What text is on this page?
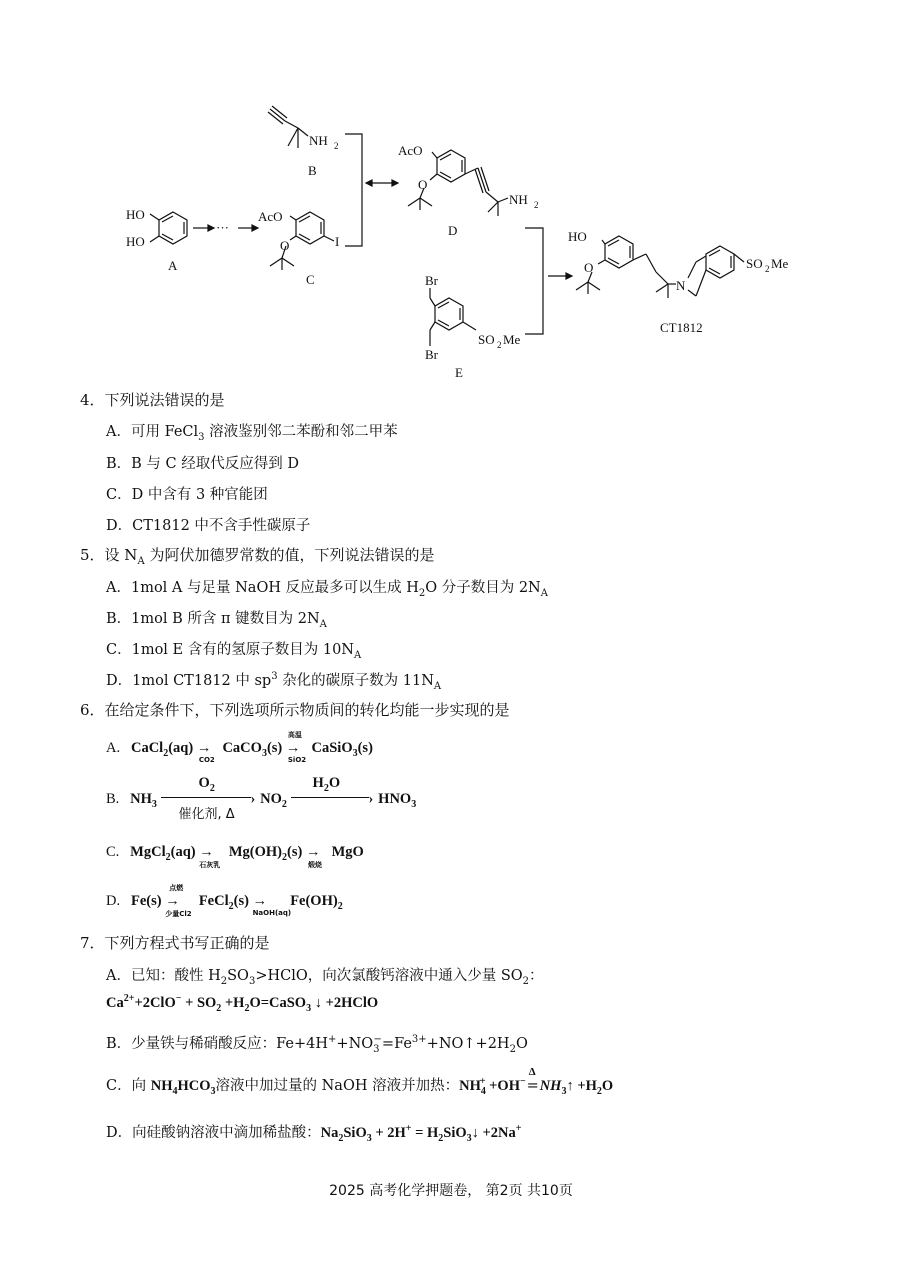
HO
HO
A
···
AcO
O	I
C
NH 2
B
AcO
O
NH 2
D
Br
Br
SO 2 Me
E
HO
O
N
SO 2 Me
CT1812
4．下列说法错误的是
A．可用 FeCl$_3$ 溶液鉴别邻二苯酚和邻二甲苯
B．B 与 C 经取代反应得到 D
C．D 中含有 3 种官能团
D．CT1812 中不含手性碳原子
5．设 $N_A$ 为阿伏加德罗常数的值，下列说法错误的是
A．1mol A 与足量 NaOH 反应最多可以生成 $H_2O$ 分子数目为 $2N_A$
B．1mol B 所含 π 键数目为 $2N_A$
C．1mol E 含有的氢原子数目为 $10N_A$
D．1mol CT1812 中 $sp^3$ 杂化的碳原子数为 $11N_A$
6．在给定条件下，下列选项所示物质间的转化均能一步实现的是
A. CaCl$_2$(aq) →
CO2
CaCO$_3$(s) →
高温
SiO2
CaSiO$_3$(s)
B. $NH_3$	›
$O_2$
催化剂, Δ
$NO_2$	›
$H_2O$
$HNO_3$
C. MgCl$_2$(aq) →
石灰乳
$Mg(OH)_2(s)$ →
煅烧
MgO
D. Fe(s) →
点燃
少量Cl2
FeCl$_2$(s) →
NaOH(aq)
$Fe(OH)_2$
7．下列方程式书写正确的是
A．已知：酸性 $H_2SO_3>HClO$，向次氯酸钙溶液中通入少量 $SO_2$：
$Ca^{2+}+2ClO^- + SO_2$ $+H_2O=CaSO_3$ ↓ +2HClO
B．少量铁与稀硝酸反应：$Fe+4H^++NO_3^-=Fe^{3+}+NO↑+2H_2O$
C．向 $NH_4HCO_3$溶液中加过量的 NaOH 溶液并加热：$NH_4^+ +OH^-=$
Δ
$NH_3↑ +H_2O$
D．向硅酸钠溶液中滴加稀盐酸：$Na_2SiO_3 + 2H^+$ = $H_2SiO_3↓ +2Na^+$
2025 高考化学押题卷， 第2页 共10页
